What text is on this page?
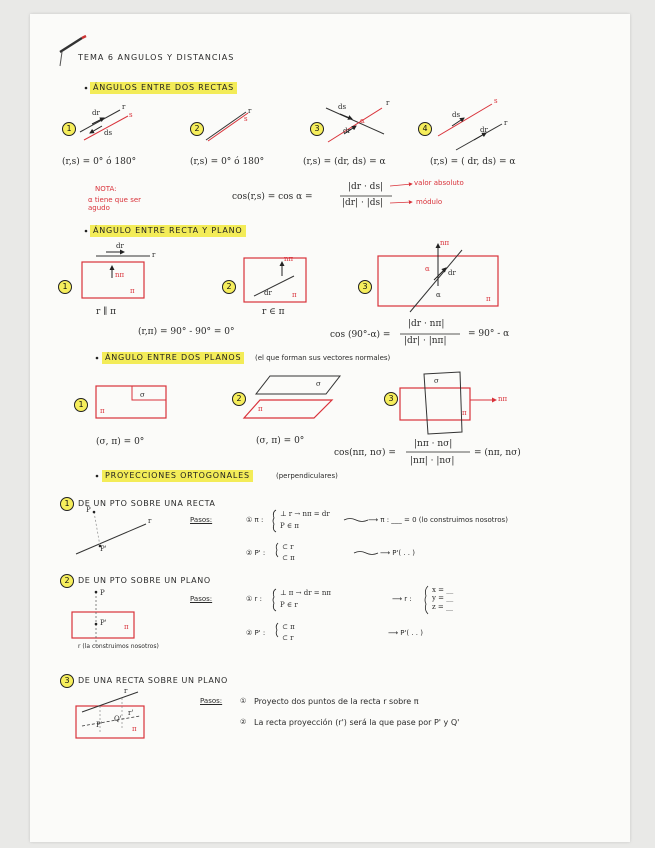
TEMA 6 ANGULOS Y DISTANCIAS
ÁNGULOS ENTRE DOS RECTAS
1	2	3	4
(r,s) = 0° ó 180°	(r,s) = 0° ó 180°	(r,s) = (dr, ds) = α	(r,s) = ( dr, ds) = α
NOTA:
α tiene que ser agudo
cos(r,s) = cos α =
|dr · ds|
|dr| · |ds|
valor absoluto
módulo
ÁNGULO ENTRE RECTA Y PLANO
1	2	3
r ∥ π	r ∈ π
(r,π) = 90° - 90° = 0°	cos (90°-α) =
|dr · nπ|
|dr| · |nπ|
= 90° - α
ÁNGULO ENTRE DOS PLANOS	(el que forman sus vectores normales)
1
2	3
(σ, π) = 0°	(σ, π) = 0°
cos(nπ, nσ) =
|nπ · nσ|
|nπ| · |nσ|
= (nπ, nσ)
PROYECCIONES ORTOGONALES	(perpendiculares)
1	DE UN PTO SOBRE UNA RECTA
Pasos:	① π :
⊥ r → nπ = dr
P ∈ π
⟶ π : ___ = 0 (lo construimos nosotros)
② P' :
⊂ r
⊂ π
⟶ P'( . . )
2	DE UN PTO SOBRE UN PLANO
Pasos:	① r :
⊥ π → dr = nπ
P ∈ r
⟶ r :
x = __
y = __
z = __
② P' :
⊂ π
⊂ r
⟶ P'( . . )
r (la construimos nosotros)
3	DE UNA RECTA SOBRE UN PLANO
Pasos:	① Proyecto dos puntos de la recta r sobre π
② La recta proyección (r') será la que pase por P' y Q'
dr
ds
s
r	r
s
ds
dr
r
α
ds
dr
s
r
dr
r
nπ
π
nπ
dr	π
nπ
dr
α
α	π
π
σ
σ
π
σ
π
nπ
P
r
P'
P
P' π
r
r'
P'
Q'
π
